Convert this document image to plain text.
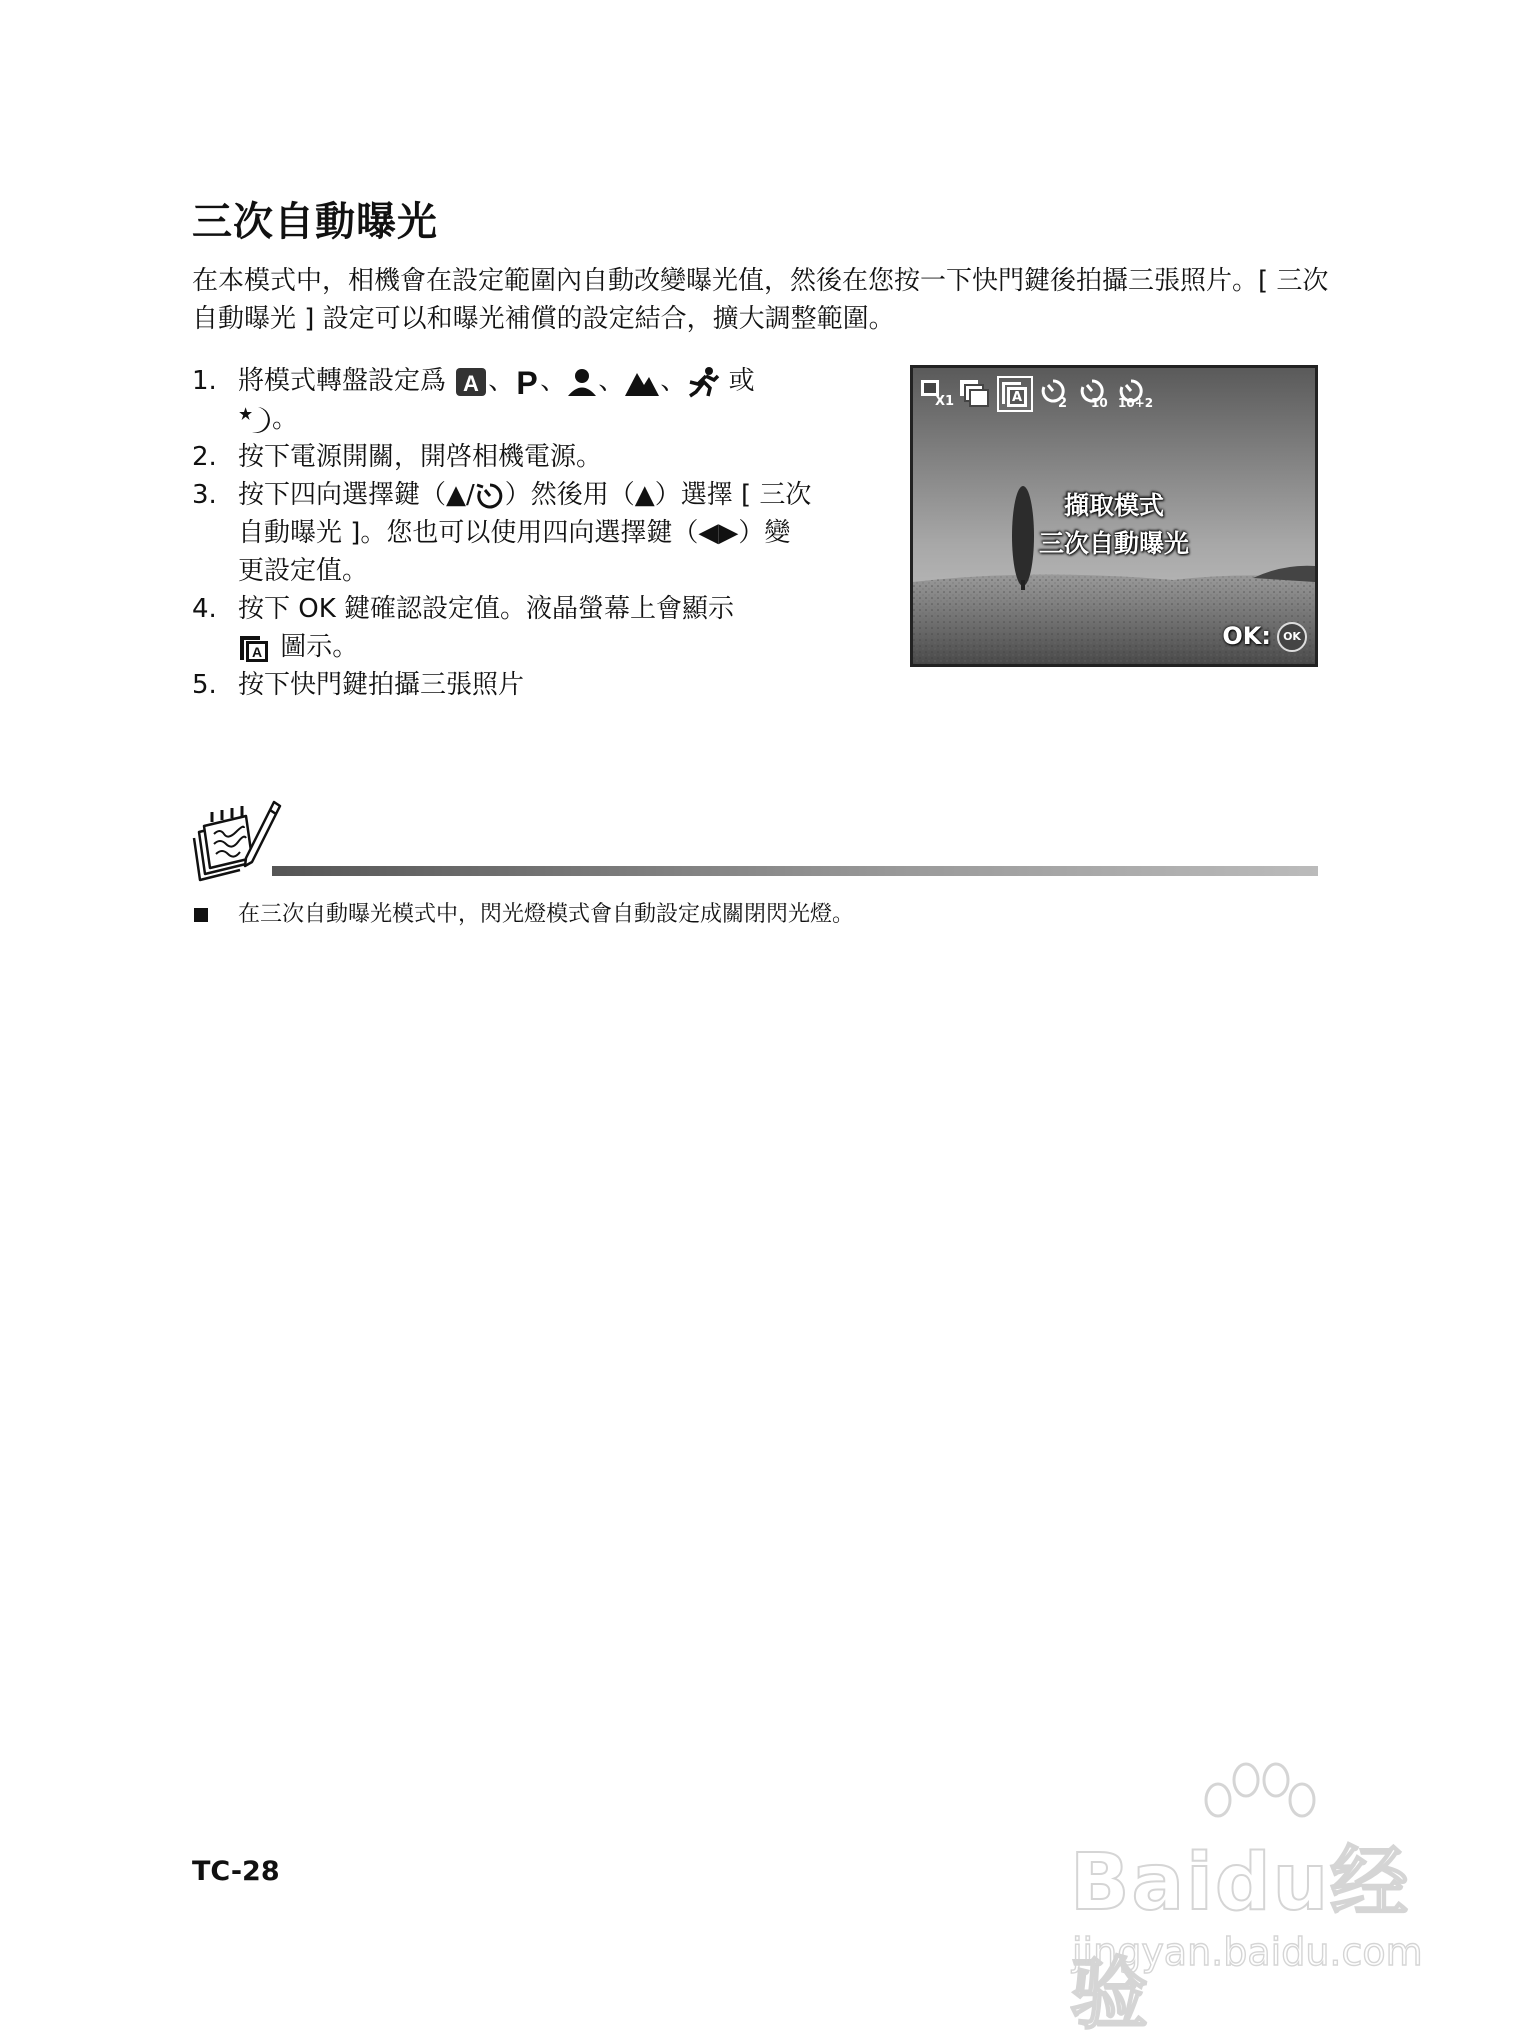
三次自動曝光
在本模式中，相機會在設定範圍內自動改變曝光值，然後在您按一下快門鍵後拍攝三張照片。[ 三次自動曝光 ] 設定可以和曝光補償的設定結合，擴大調整範圍。
1. 將模式轉盤設定爲 A 、 P 、 、 、 或
。
2. 按下電源開關，開啓相機電源。
3. 按下四向選擇鍵（▲/ ）然後用（▲）選擇 [ 三次自動曝光 ]。您也可以使用四向選擇鍵（◀▶）變更設定值。
4. 按下 OK 鍵確認設定值。液晶螢幕上會顯示

A 圖示。
5. 按下快門鍵拍攝三張照片
X1	A	2 10 10+2
擷取模式
三次自動曝光
OK:	OK
在三次自動曝光模式中，閃光燈模式會自動設定成關閉閃光燈。
TC-28	Baidu经验
jingyan.baidu.com
